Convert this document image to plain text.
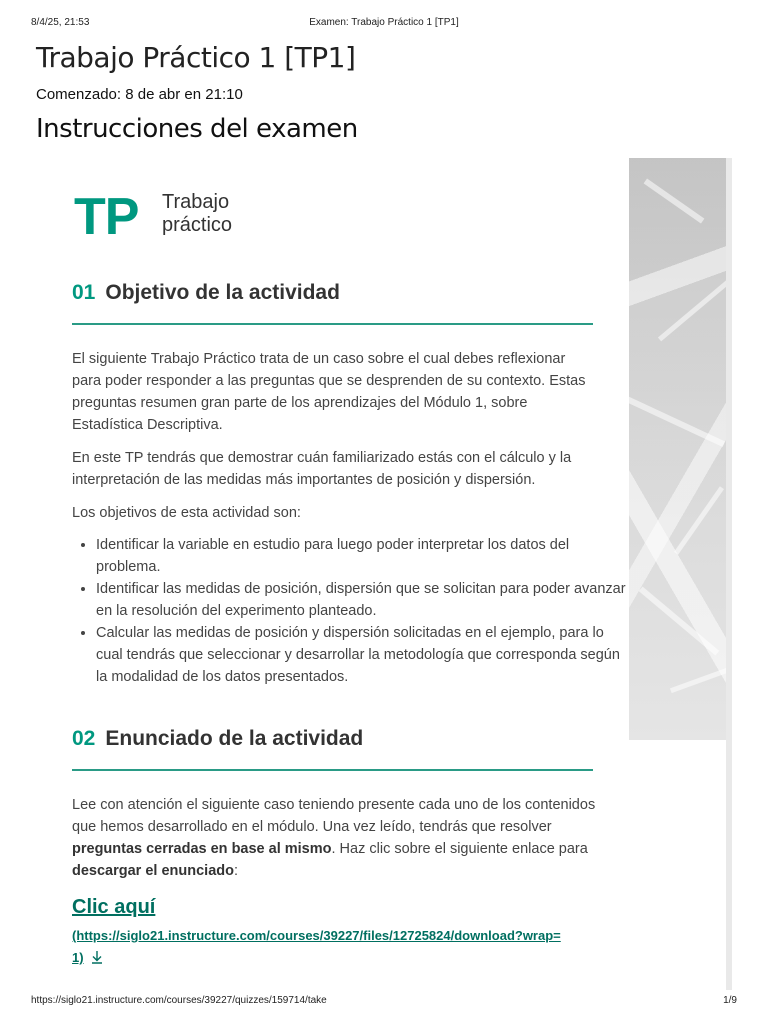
8/4/25, 21:53	Examen: Trabajo Práctico 1 [TP1]
Trabajo Práctico 1 [TP1]
Comenzado: 8 de abr en 21:10
Instrucciones del examen
TP Trabajo
práctico
01 Objetivo de la actividad

El siguiente Trabajo Práctico trata de un caso sobre el cual debes reflexionar para poder responder a las preguntas que se desprenden de su contexto. Estas preguntas resumen gran parte de los aprendizajes del Módulo 1, sobre Estadística Descriptiva.

En este TP tendrás que demostrar cuán familiarizado estás con el cálculo y la interpretación de las medidas más importantes de posición y dispersión.

Los objetivos de esta actividad son:

• Identificar la variable en estudio para luego poder interpretar los datos del problema.
• Identificar las medidas de posición, dispersión que se solicitan para poder avanzar en la resolución del experimento planteado.
• Calcular las medidas de posición y dispersión solicitadas en el ejemplo, para lo cual tendrás que seleccionar y desarrollar la metodología que corresponda según la modalidad de los datos presentados.
02 Enunciado de la actividad

Lee con atención el siguiente caso teniendo presente cada uno de los contenidos que hemos desarrollado en el módulo. Una vez leído, tendrás que resolver preguntas cerradas en base al mismo. Haz clic sobre el siguiente enlace para descargar el enunciado:

Clic aquí
(https://siglo21.instructure.com/courses/39227/files/12725824/download?wrap=1)
https://siglo21.instructure.com/courses/39227/quizzes/159714/take	1/9
